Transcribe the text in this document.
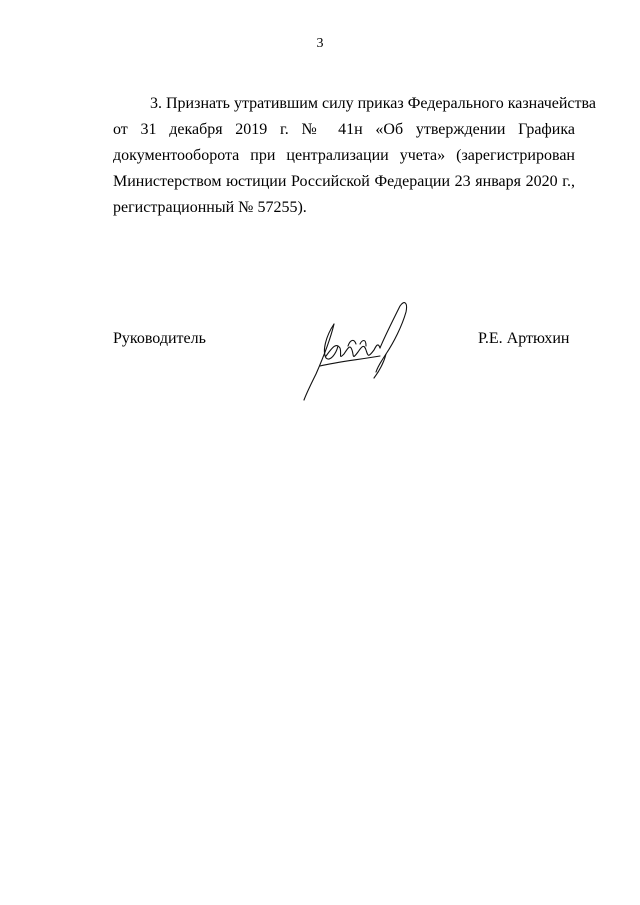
3
3. Признать утратившим силу приказ Федерального казначейства
от 31 декабря 2019 г. № 41н «Об утверждении Графика
документооборота при централизации учета» (зарегистрирован
Министерством юстиции Российской Федерации 23 января 2020 г.,
регистрационный № 57255).
Руководитель	Р.Е. Артюхин
